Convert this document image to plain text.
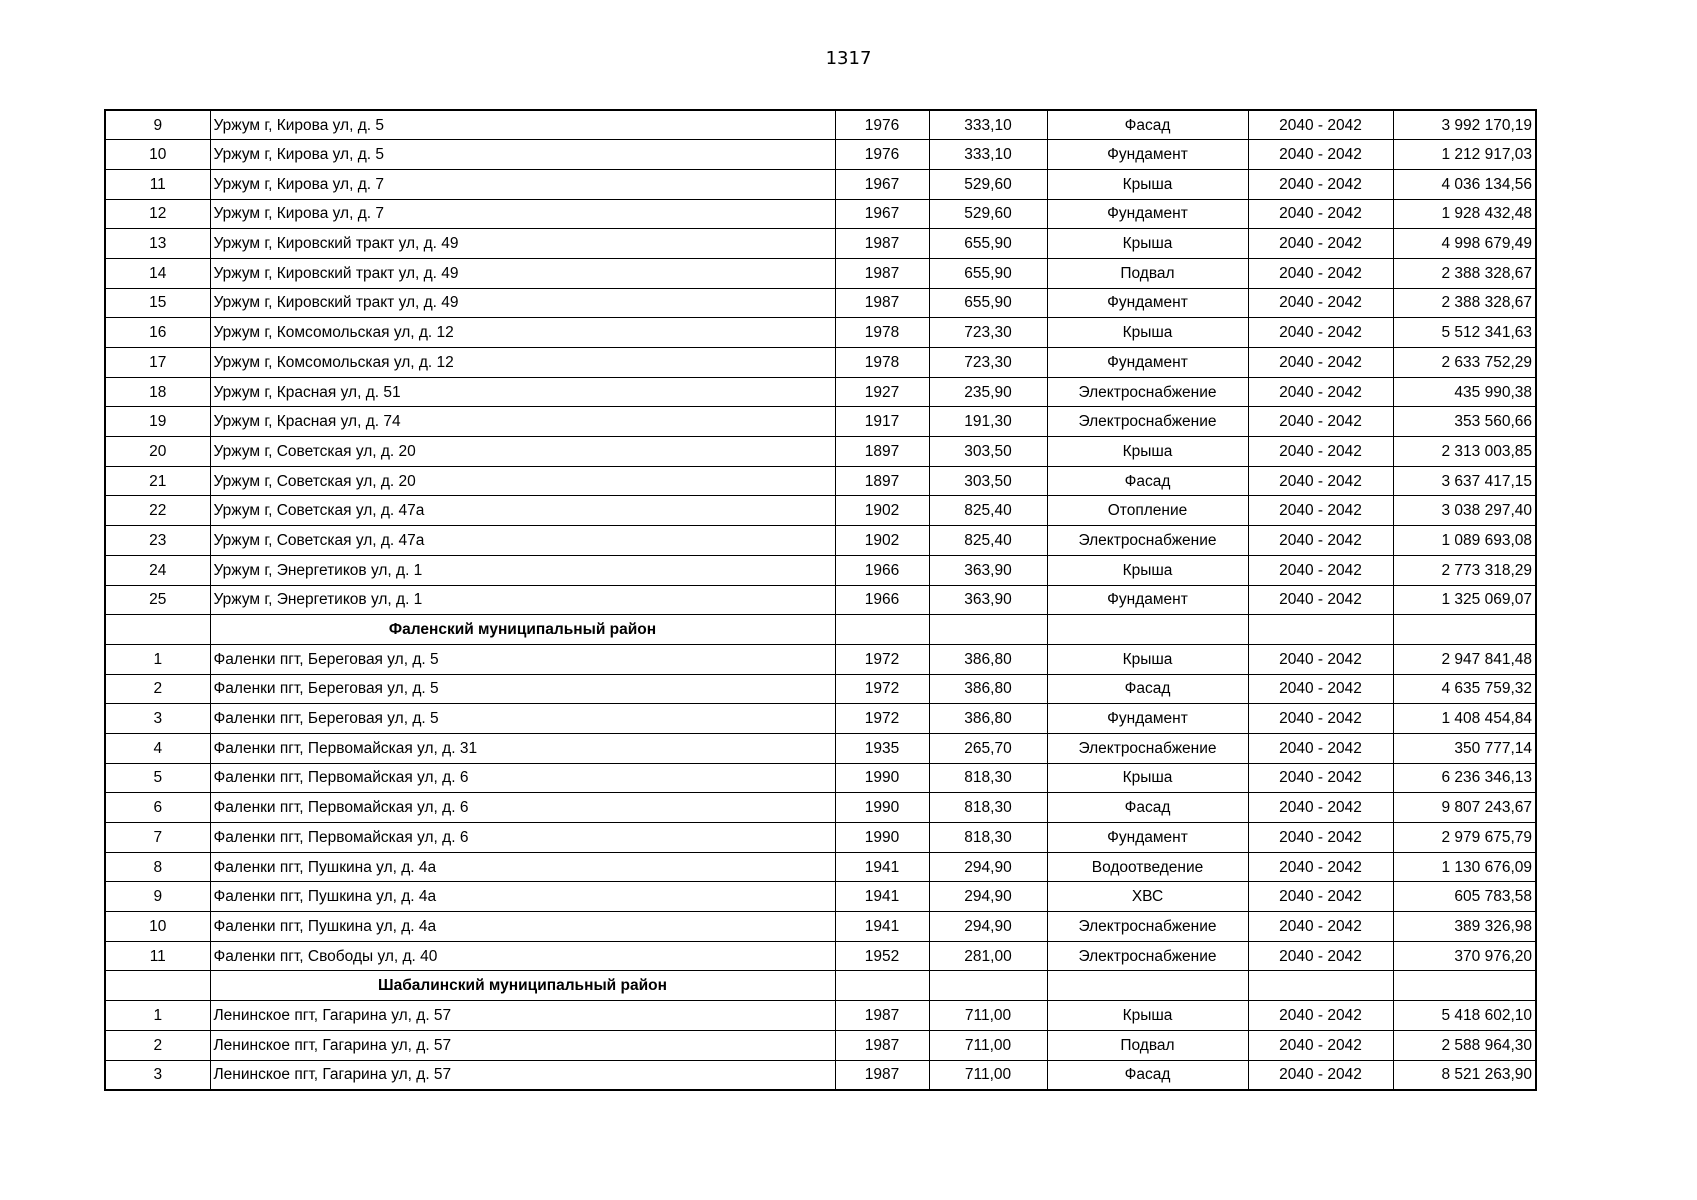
1317
9	Уржум г, Кирова ул, д. 5	1976	333,10	Фасад	2040 - 2042	3 992 170,19
10	Уржум г, Кирова ул, д. 5	1976	333,10	Фундамент	2040 - 2042	1 212 917,03
11	Уржум г, Кирова ул, д. 7	1967	529,60	Крыша	2040 - 2042	4 036 134,56
12	Уржум г, Кирова ул, д. 7	1967	529,60	Фундамент	2040 - 2042	1 928 432,48
13	Уржум г, Кировский тракт ул, д. 49	1987	655,90	Крыша	2040 - 2042	4 998 679,49
14	Уржум г, Кировский тракт ул, д. 49	1987	655,90	Подвал	2040 - 2042	2 388 328,67
15	Уржум г, Кировский тракт ул, д. 49	1987	655,90	Фундамент	2040 - 2042	2 388 328,67
16	Уржум г, Комсомольская ул, д. 12	1978	723,30	Крыша	2040 - 2042	5 512 341,63
17	Уржум г, Комсомольская ул, д. 12	1978	723,30	Фундамент	2040 - 2042	2 633 752,29
18	Уржум г, Красная ул, д. 51	1927	235,90	Электроснабжение	2040 - 2042	435 990,38
19	Уржум г, Красная ул, д. 74	1917	191,30	Электроснабжение	2040 - 2042	353 560,66
20	Уржум г, Советская ул, д. 20	1897	303,50	Крыша	2040 - 2042	2 313 003,85
21	Уржум г, Советская ул, д. 20	1897	303,50	Фасад	2040 - 2042	3 637 417,15
22	Уржум г, Советская ул, д. 47а	1902	825,40	Отопление	2040 - 2042	3 038 297,40
23	Уржум г, Советская ул, д. 47а	1902	825,40	Электроснабжение	2040 - 2042	1 089 693,08
24	Уржум г, Энергетиков ул, д. 1	1966	363,90	Крыша	2040 - 2042	2 773 318,29
25	Уржум г, Энергетиков ул, д. 1	1966	363,90	Фундамент	2040 - 2042	1 325 069,07
	Фаленский муниципальный район					
1	Фаленки пгт, Береговая ул, д. 5	1972	386,80	Крыша	2040 - 2042	2 947 841,48
2	Фаленки пгт, Береговая ул, д. 5	1972	386,80	Фасад	2040 - 2042	4 635 759,32
3	Фаленки пгт, Береговая ул, д. 5	1972	386,80	Фундамент	2040 - 2042	1 408 454,84
4	Фаленки пгт, Первомайская ул, д. 31	1935	265,70	Электроснабжение	2040 - 2042	350 777,14
5	Фаленки пгт, Первомайская ул, д. 6	1990	818,30	Крыша	2040 - 2042	6 236 346,13
6	Фаленки пгт, Первомайская ул, д. 6	1990	818,30	Фасад	2040 - 2042	9 807 243,67
7	Фаленки пгт, Первомайская ул, д. 6	1990	818,30	Фундамент	2040 - 2042	2 979 675,79
8	Фаленки пгт, Пушкина ул, д. 4а	1941	294,90	Водоотведение	2040 - 2042	1 130 676,09
9	Фаленки пгт, Пушкина ул, д. 4а	1941	294,90	ХВС	2040 - 2042	605 783,58
10	Фаленки пгт, Пушкина ул, д. 4а	1941	294,90	Электроснабжение	2040 - 2042	389 326,98
11	Фаленки пгт, Свободы ул, д. 40	1952	281,00	Электроснабжение	2040 - 2042	370 976,20
	Шабалинский муниципальный район					
1	Ленинское пгт, Гагарина ул, д. 57	1987	711,00	Крыша	2040 - 2042	5 418 602,10
2	Ленинское пгт, Гагарина ул, д. 57	1987	711,00	Подвал	2040 - 2042	2 588 964,30
3	Ленинское пгт, Гагарина ул, д. 57	1987	711,00	Фасад	2040 - 2042	8 521 263,90
